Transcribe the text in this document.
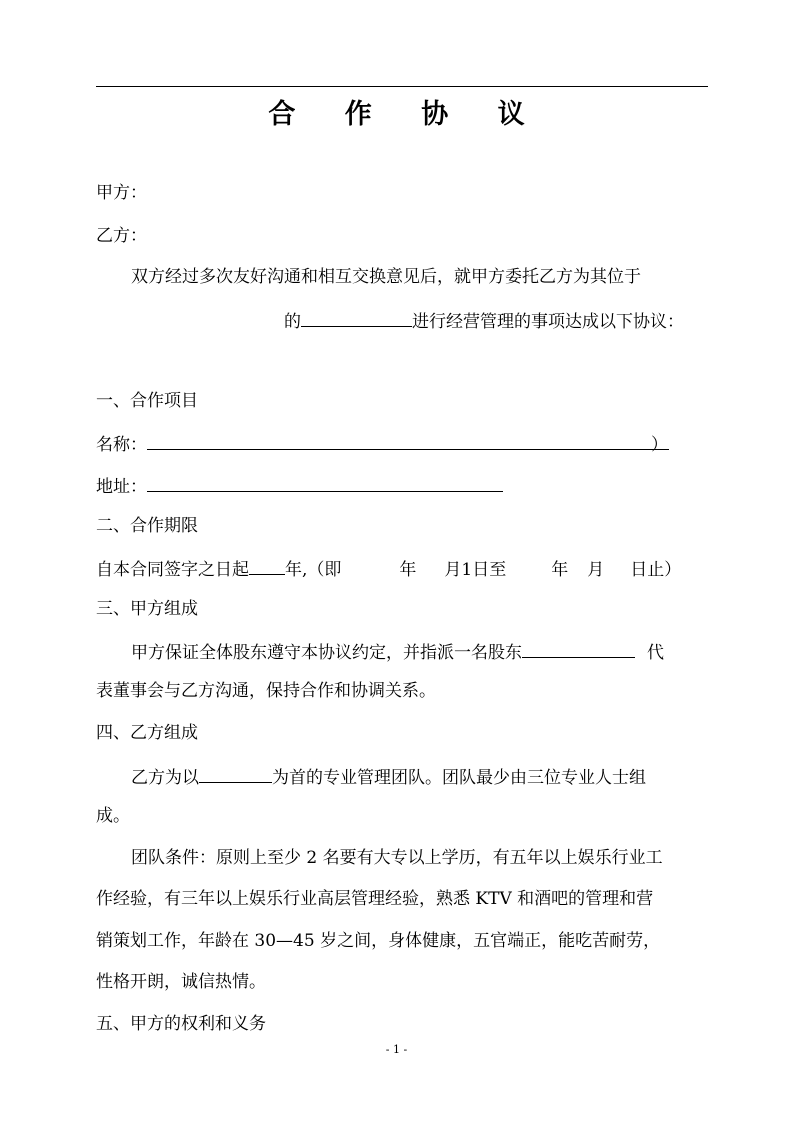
合 作 协 议
甲方：
乙方：
双方经过多次友好沟通和相互交换意见后，就甲方委托乙方为其位于
的	进行经营管理的事项达成以下协议：
一、合作项目
名称：	）
地址：
二、合作期限
自本合同签字之日起 年,（即	年 月1日至	年 月 日止）
三、甲方组成
甲方保证全体股东遵守本协议约定，并指派一名股东	代
表董事会与乙方沟通，保持合作和协调关系。
四、乙方组成
乙方为以	为首的专业管理团队。团队最少由三位专业人士组
成。
团队条件：原则上至少 2 名要有大专以上学历，有五年以上娱乐行业工
作经验，有三年以上娱乐行业高层管理经验，熟悉 KTV 和酒吧的管理和营
销策划工作，年龄在 30—45 岁之间，身体健康，五官端正，能吃苦耐劳，
性格开朗，诚信热情。
五、甲方的权利和义务
- 1 -
